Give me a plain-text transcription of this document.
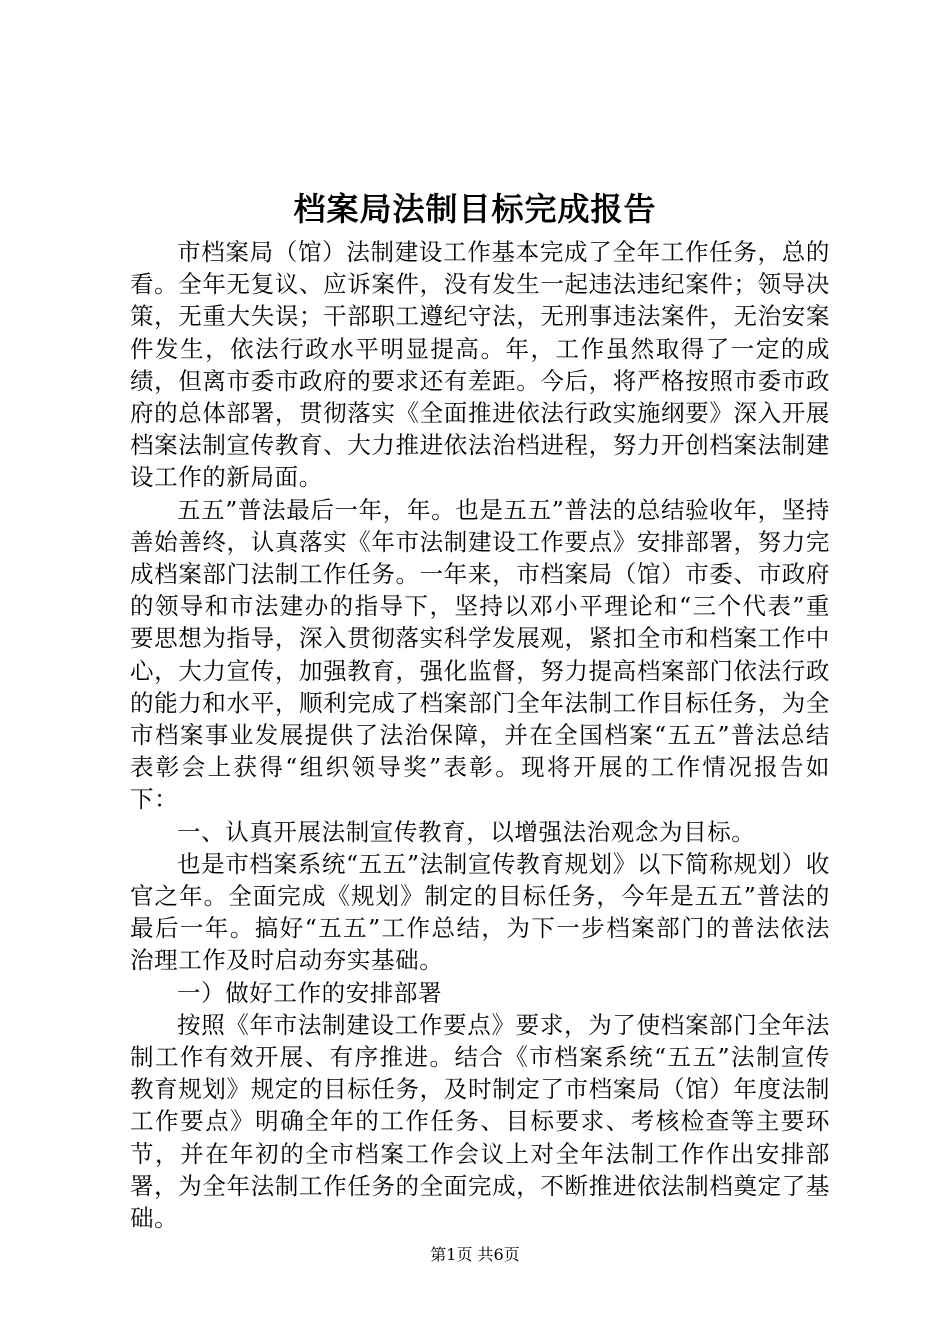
档案局法制目标完成报告

市档案局（馆）法制建设工作基本完成了全年工作任务，总的看。全年无复议、应诉案件，没有发生一起违法违纪案件；领导决策，无重大失误；干部职工遵纪守法，无刑事违法案件，无治安案件发生，依法行政水平明显提高。年，工作虽然取得了一定的成绩，但离市委市政府的要求还有差距。今后，将严格按照市委市政府的总体部署，贯彻落实《全面推进依法行政实施纲要》深入开展档案法制宣传教育、大力推进依法治档进程，努力开创档案法制建设工作的新局面。

五五”普法最后一年，年。也是五五”普法的总结验收年，坚持善始善终，认真落实《年市法制建设工作要点》安排部署，努力完成档案部门法制工作任务。一年来，市档案局（馆）市委、市政府的领导和市法建办的指导下，坚持以邓小平理论和“三个代表”重要思想为指导，深入贯彻落实科学发展观，紧扣全市和档案工作中心，大力宣传，加强教育，强化监督，努力提高档案部门依法行政的能力和水平，顺利完成了档案部门全年法制工作目标任务，为全市档案事业发展提供了法治保障，并在全国档案“五五”普法总结表彰会上获得“组织领导奖”表彰。现将开展的工作情况报告如下：

一、认真开展法制宣传教育，以增强法治观念为目标。

也是市档案系统“五五”法制宣传教育规划》以下简称规划）收官之年。全面完成《规划》制定的目标任务，今年是五五”普法的最后一年。搞好“五五”工作总结，为下一步档案部门的普法依法治理工作及时启动夯实基础。

一）做好工作的安排部署

按照《年市法制建设工作要点》要求，为了使档案部门全年法制工作有效开展、有序推进。结合《市档案系统“五五”法制宣传教育规划》规定的目标任务，及时制定了市档案局（馆）年度法制工作要点》明确全年的工作任务、目标要求、考核检查等主要环节，并在年初的全市档案工作会议上对全年法制工作作出安排部署，为全年法制工作任务的全面完成，不断推进依法制档奠定了基础。

第1页 共6页
